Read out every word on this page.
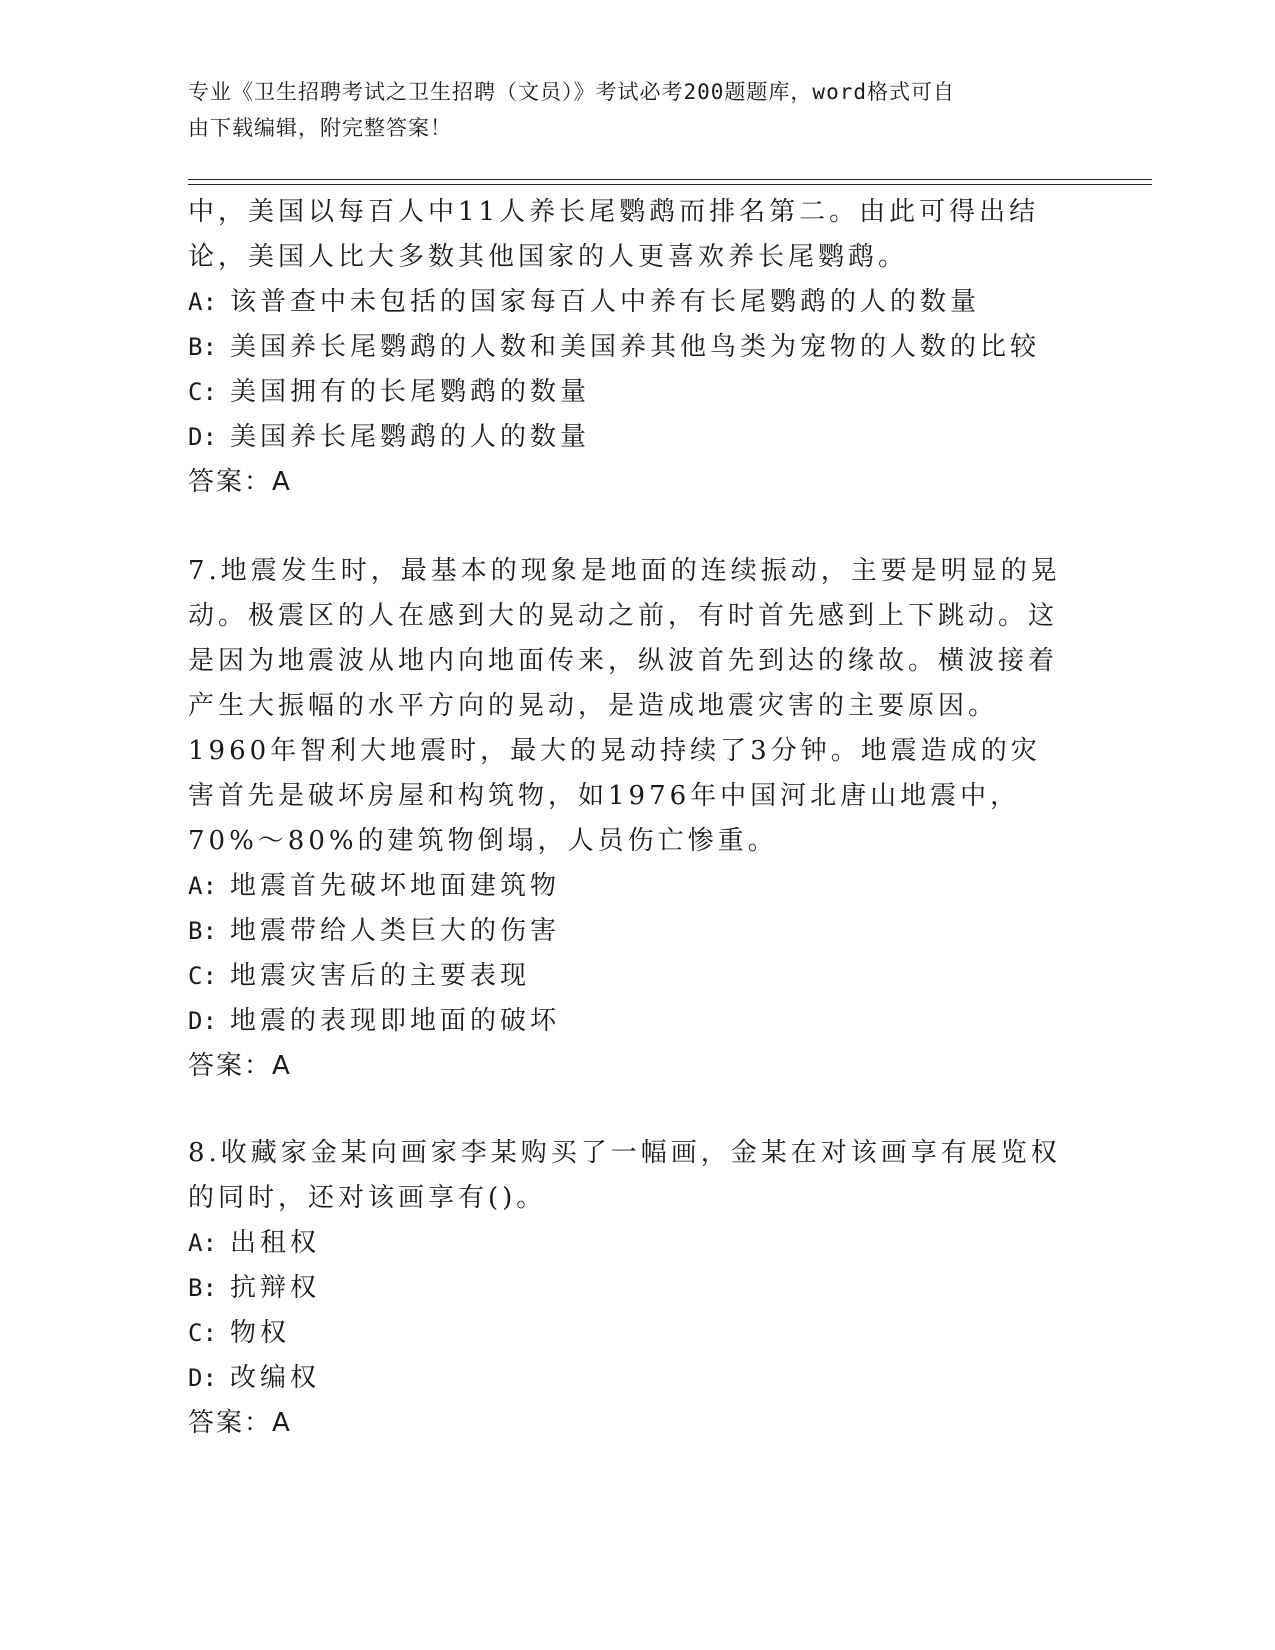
专业《卫生招聘考试之卫生招聘（文员）》考试必考200题题库，word格式可自
由下载编辑，附完整答案！

中，美国以每百人中11人养长尾鹦鹉而排名第二。由此可得出结论，美国人比大多数其他国家的人更喜欢养长尾鹦鹉。

A: 该普查中未包括的国家每百人中养有长尾鹦鹉的人的数量
B: 美国养长尾鹦鹉的人数和美国养其他鸟类为宠物的人数的比较
C: 美国拥有的长尾鹦鹉的数量
D: 美国养长尾鹦鹉的人的数量
答案：A

7.地震发生时，最基本的现象是地面的连续振动，主要是明显的晃动。极震区的人在感到大的晃动之前，有时首先感到上下跳动。这是因为地震波从地内向地面传来，纵波首先到达的缘故。横波接着产生大振幅的水平方向的晃动，是造成地震灾害的主要原因。1960年智利大地震时，最大的晃动持续了3分钟。地震造成的灾害首先是破坏房屋和构筑物，如1976年中国河北唐山地震中，70%～80%的建筑物倒塌，人员伤亡惨重。

A: 地震首先破坏地面建筑物
B: 地震带给人类巨大的伤害
C: 地震灾害后的主要表现
D: 地震的表现即地面的破坏
答案：A

8.收藏家金某向画家李某购买了一幅画，金某在对该画享有展览权的同时，还对该画享有()。

A: 出租权
B: 抗辩权
C: 物权
D: 改编权
答案：A
